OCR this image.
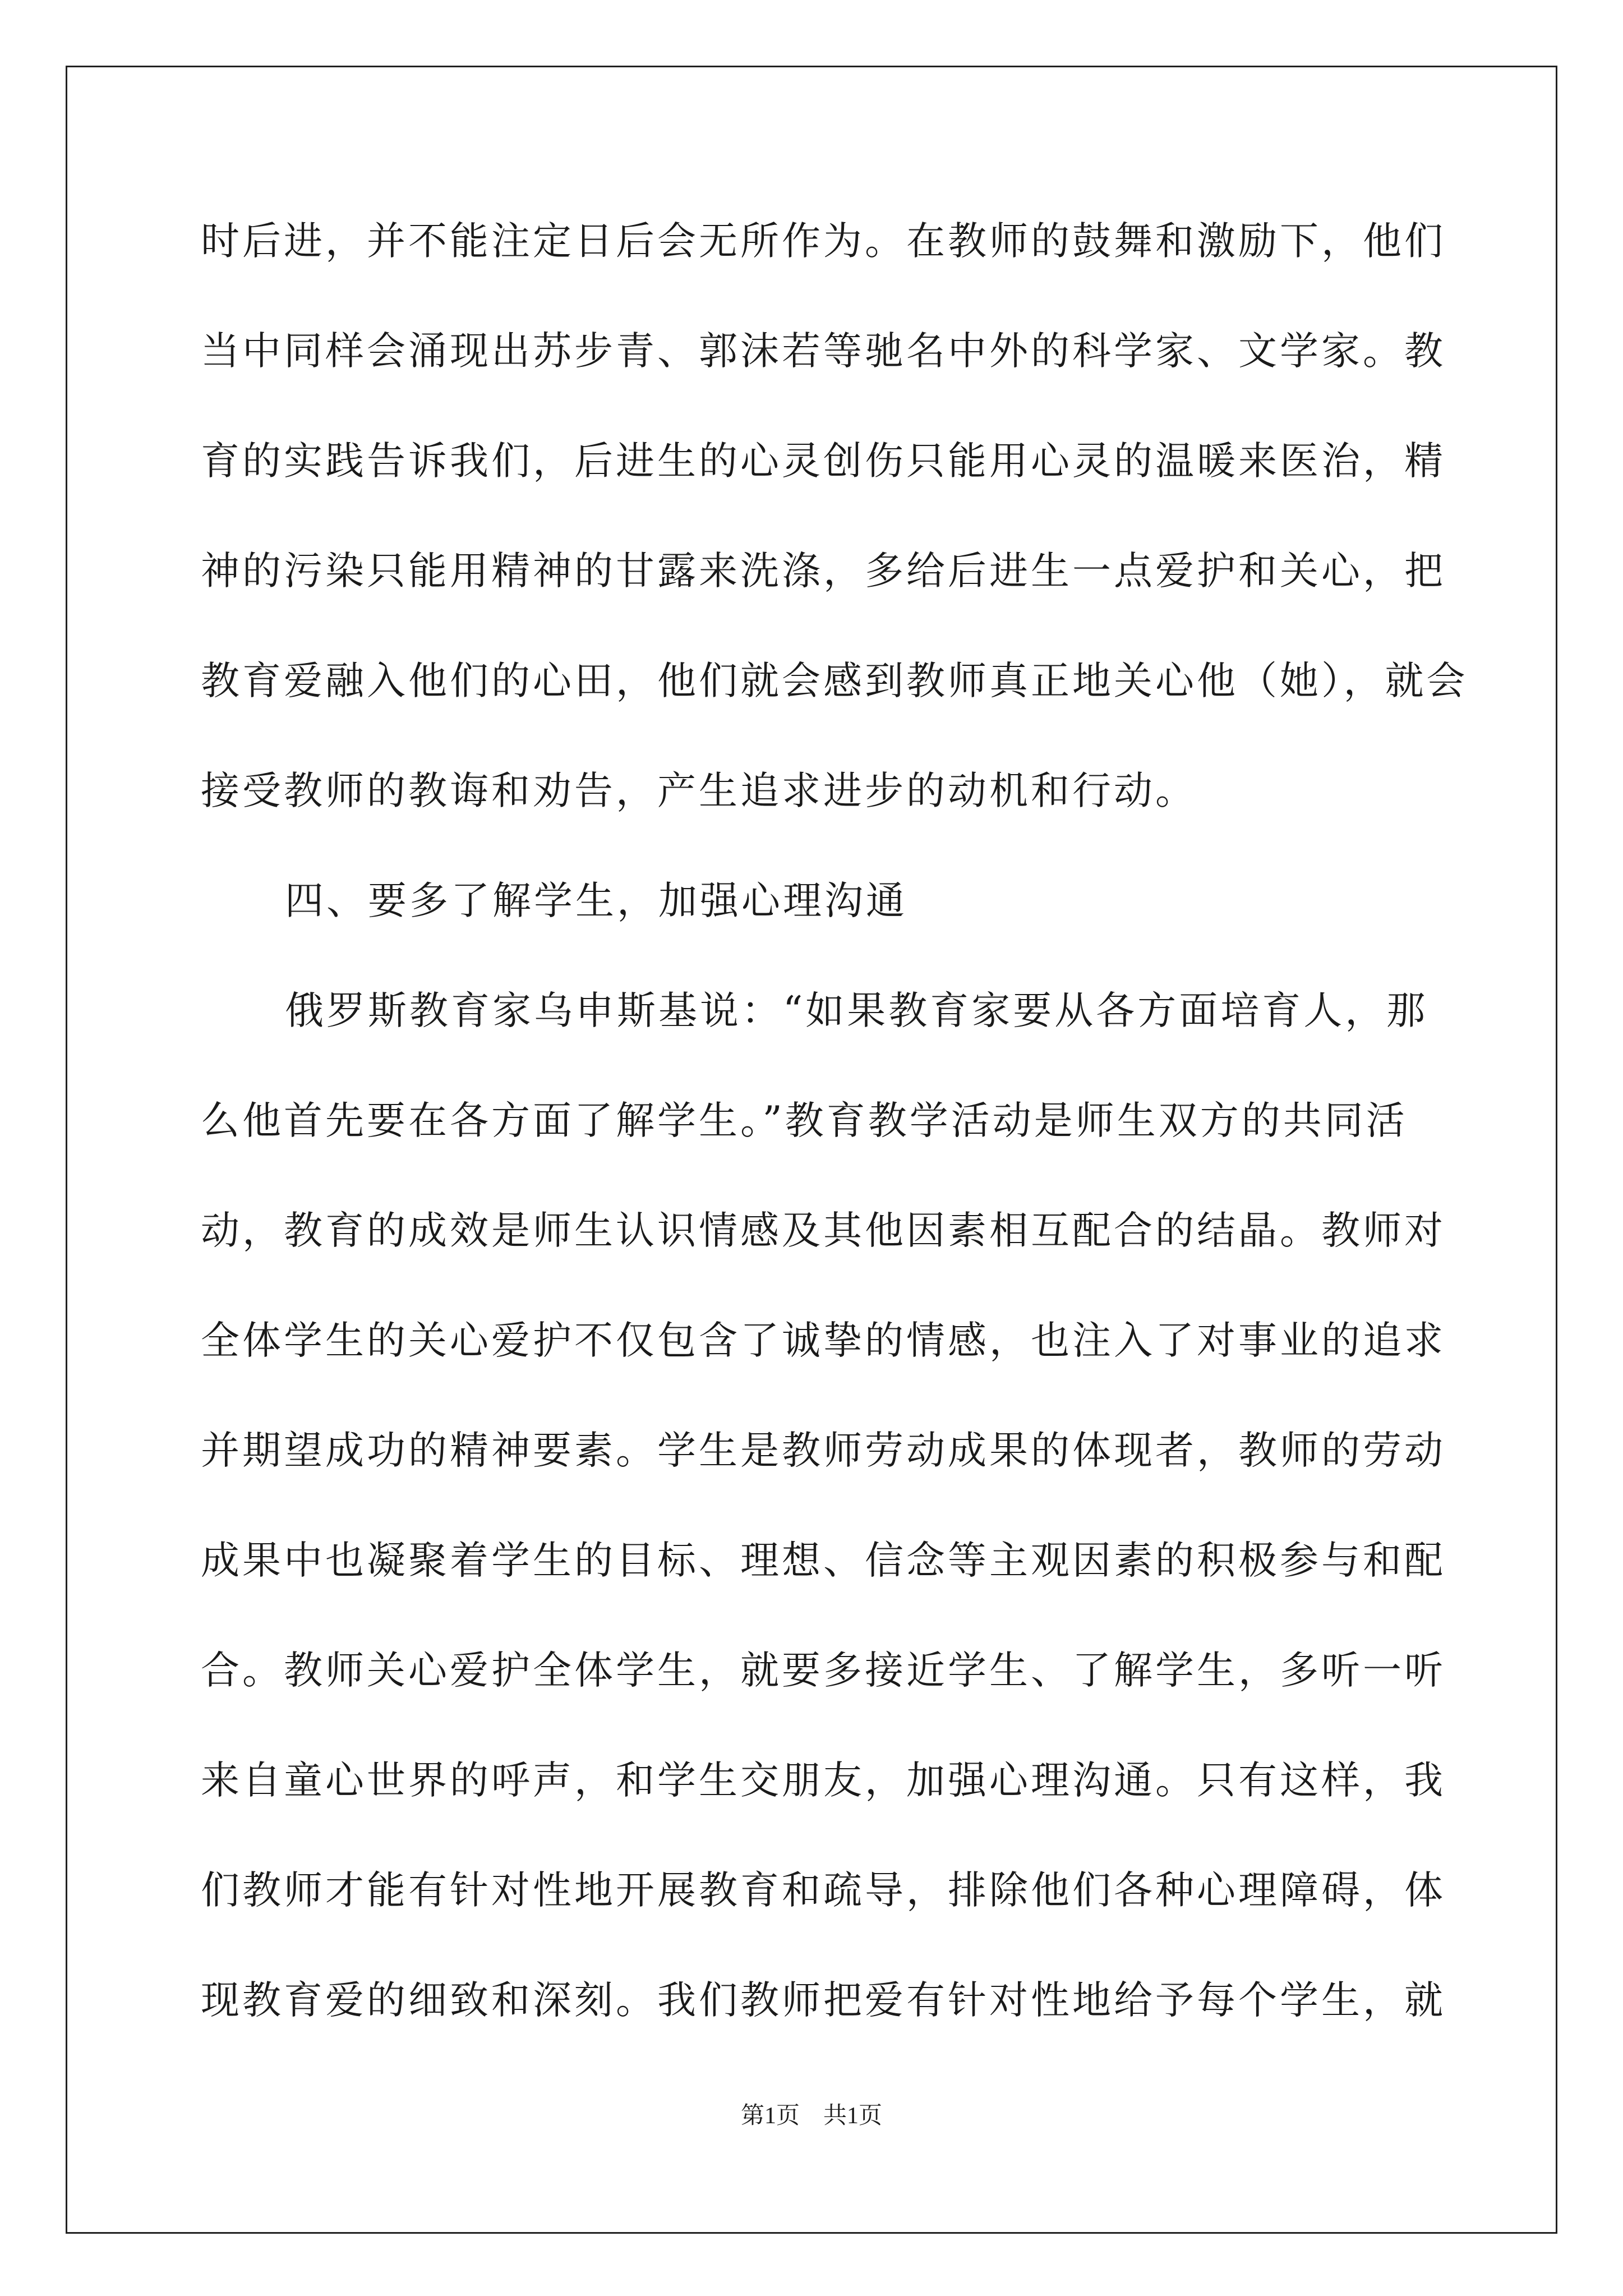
时后进，并不能注定日后会无所作为。在教师的鼓舞和激励下，他们
当中同样会涌现出苏步青、郭沫若等驰名中外的科学家、文学家。教
育的实践告诉我们，后进生的心灵创伤只能用心灵的温暖来医治，精
神的污染只能用精神的甘露来洗涤，多给后进生一点爱护和关心，把
教育爱融入他们的心田，他们就会感到教师真正地关心他（她），就会
接受教师的教诲和劝告，产生追求进步的动机和行动。
四、要多了解学生，加强心理沟通
俄罗斯教育家乌申斯基说：“如果教育家要从各方面培育人，那
么他首先要在各方面了解学生。”教育教学活动是师生双方的共同活
动，教育的成效是师生认识情感及其他因素相互配合的结晶。教师对
全体学生的关心爱护不仅包含了诚挚的情感，也注入了对事业的追求
并期望成功的精神要素。学生是教师劳动成果的体现者，教师的劳动
成果中也凝聚着学生的目标、理想、信念等主观因素的积极参与和配
合。教师关心爱护全体学生，就要多接近学生、了解学生，多听一听
来自童心世界的呼声，和学生交朋友，加强心理沟通。只有这样，我
们教师才能有针对性地开展教育和疏导，排除他们各种心理障碍，体
现教育爱的细致和深刻。我们教师把爱有针对性地给予每个学生，就
第1页　共1页
